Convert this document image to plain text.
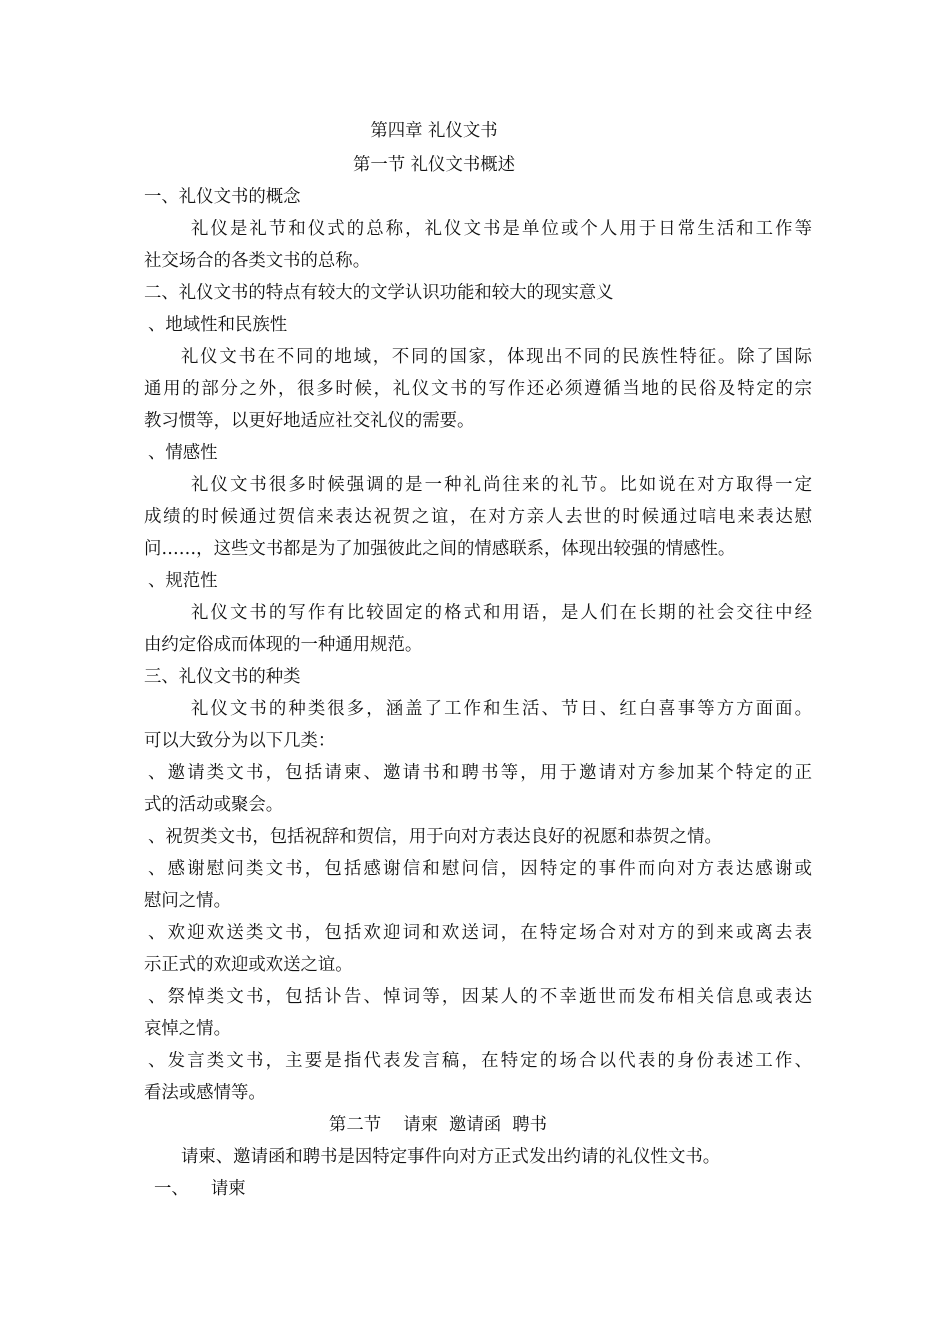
第四章 礼仪文书
第一节 礼仪文书概述
一、礼仪文书的概念
礼仪是礼节和仪式的总称，礼仪文书是单位或个人用于日常生活和工作等
社交场合的各类文书的总称。
二、礼仪文书的特点有较大的文学认识功能和较大的现实意义
、地域性和民族性
礼仪文书在不同的地域，不同的国家，体现出不同的民族性特征。除了国际
通用的部分之外，很多时候，礼仪文书的写作还必须遵循当地的民俗及特定的宗
教习惯等，以更好地适应社交礼仪的需要。
、情感性
礼仪文书很多时候强调的是一种礼尚往来的礼节。比如说在对方取得一定
成绩的时候通过贺信来表达祝贺之谊，在对方亲人去世的时候通过唁电来表达慰
问……，这些文书都是为了加强彼此之间的情感联系，体现出较强的情感性。
、规范性
礼仪文书的写作有比较固定的格式和用语，是人们在长期的社会交往中经
由约定俗成而体现的一种通用规范。
三、礼仪文书的种类
礼仪文书的种类很多，涵盖了工作和生活、节日、红白喜事等方方面面。
可以大致分为以下几类：
、邀请类文书，包括请柬、邀请书和聘书等，用于邀请对方参加某个特定的正
式的活动或聚会。
、祝贺类文书，包括祝辞和贺信，用于向对方表达良好的祝愿和恭贺之情。
、感谢慰问类文书，包括感谢信和慰问信，因特定的事件而向对方表达感谢或
慰问之情。
、欢迎欢送类文书，包括欢迎词和欢送词，在特定场合对对方的到来或离去表
示正式的欢迎或欢送之谊。
、祭悼类文书，包括讣告、悼词等，因某人的不幸逝世而发布相关信息或表达
哀悼之情。
、发言类文书，主要是指代表发言稿，在特定的场合以代表的身份表述工作、
看法或感情等。
第二节    请柬  邀请函  聘书
请柬、邀请函和聘书是因特定事件向对方正式发出约请的礼仪性文书。
一、    请柬
